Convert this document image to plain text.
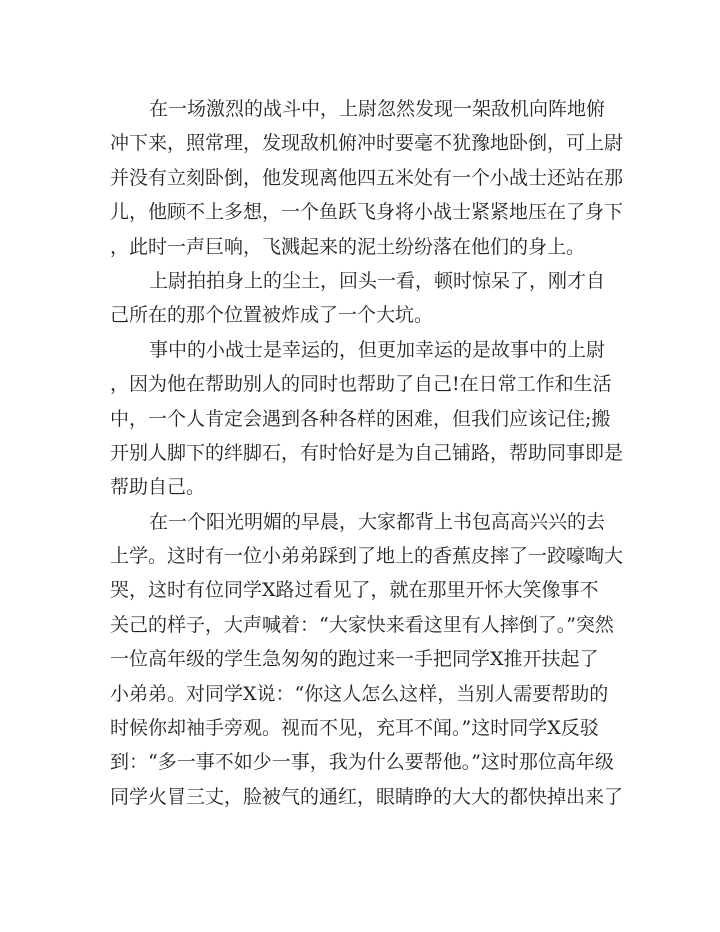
在一场激烈的战斗中，上尉忽然发现一架敌机向阵地俯
冲下来，照常理，发现敌机俯冲时要毫不犹豫地卧倒，可上尉
并没有立刻卧倒，他发现离他四五米处有一个小战士还站在那
儿，他顾不上多想，一个鱼跃飞身将小战士紧紧地压在了身下
，此时一声巨响，飞溅起来的泥土纷纷落在他们的身上。
上尉拍拍身上的尘土，回头一看，顿时惊呆了，刚才自
己所在的那个位置被炸成了一个大坑。
事中的小战士是幸运的，但更加幸运的是故事中的上尉
，因为他在帮助别人的同时也帮助了自己!在日常工作和生活
中，一个人肯定会遇到各种各样的困难，但我们应该记住;搬
开别人脚下的绊脚石，有时恰好是为自己铺路，帮助同事即是
帮助自己。
在一个阳光明媚的早晨，大家都背上书包高高兴兴的去
上学。这时有一位小弟弟踩到了地上的香蕉皮摔了一跤嚎啕大
哭，这时有位同学X路过看见了，就在那里开怀大笑像事不
关己的样子，大声喊着：“大家快来看这里有人摔倒了。”突然
一位高年级的学生急匆匆的跑过来一手把同学X推开扶起了
小弟弟。对同学X说：“你这人怎么这样，当别人需要帮助的
时候你却袖手旁观。视而不见，充耳不闻。”这时同学X反驳
到：“多一事不如少一事，我为什么要帮他。”这时那位高年级
同学火冒三丈，脸被气的通红，眼睛睁的大大的都快掉出来了
